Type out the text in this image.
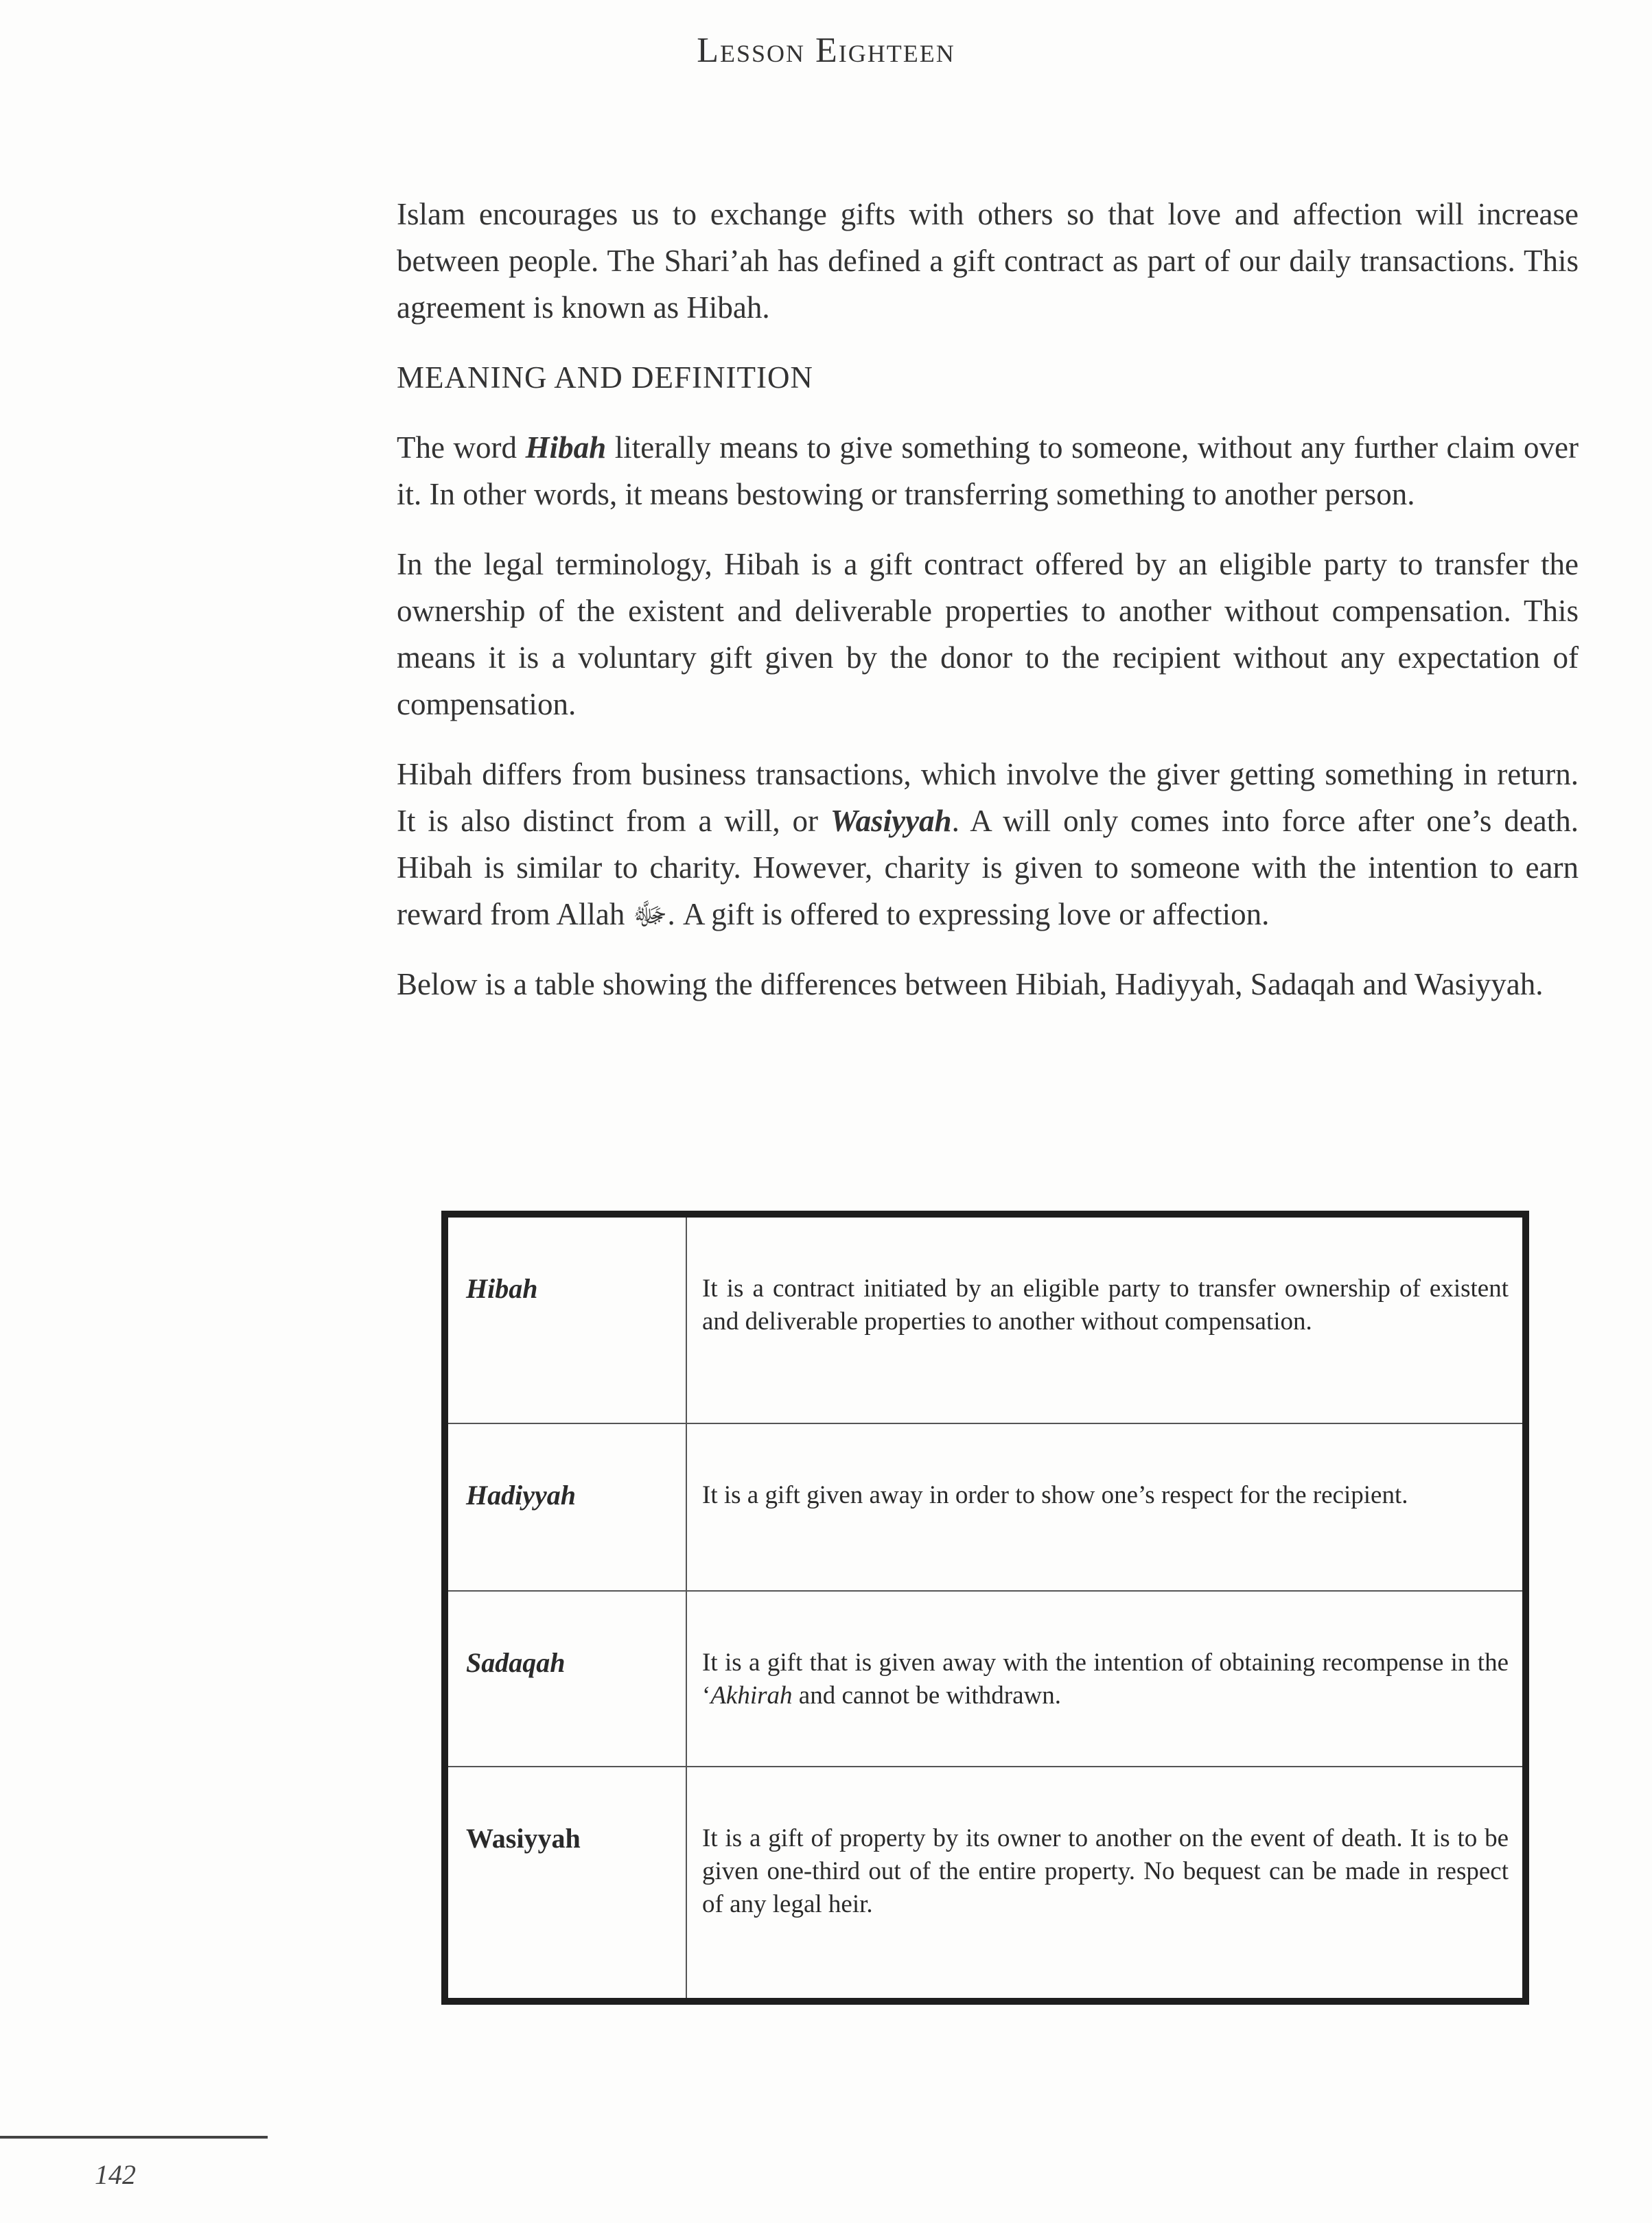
Lesson Eighteen

Islam encourages us to exchange gifts with others so that love and affection will increase between people. The Shari’ah has defined a gift contract as part of our daily transactions. This agreement is known as Hibah.

MEANING AND DEFINITION

The word Hibah literally means to give something to someone, without any further claim over it. In other words, it means bestowing or transferring something to another person.

In the legal terminology, Hibah is a gift contract offered by an eligible party to transfer the ownership of the existent and deliverable properties to another without compensation. This means it is a voluntary gift given by the donor to the recipient without any expectation of compensation.

Hibah differs from business transactions, which involve the giver getting something in return. It is also distinct from a will, or Wasiyyah. A will only comes into force after one’s death. Hibah is similar to charity. However, charity is given to someone with the intention to earn reward from Allah ﷻ. A gift is offered to expressing love or affection.

Below is a table showing the differences between Hibiah, Hadiyyah, Sadaqah and Wasiyyah.

Hibah	It is a contract initiated by an eligible party to transfer ownership of existent and deliverable properties to another without compensation.
Hadiyyah	It is a gift given away in order to show one’s respect for the recipient.
Sadaqah	It is a gift that is given away with the intention of obtaining recompense in the ‘Akhirah and cannot be withdrawn.
Wasiyyah	It is a gift of property by its owner to another on the event of death. It is to be given one-third out of the entire property. No bequest can be made in respect of any legal heir.
142
